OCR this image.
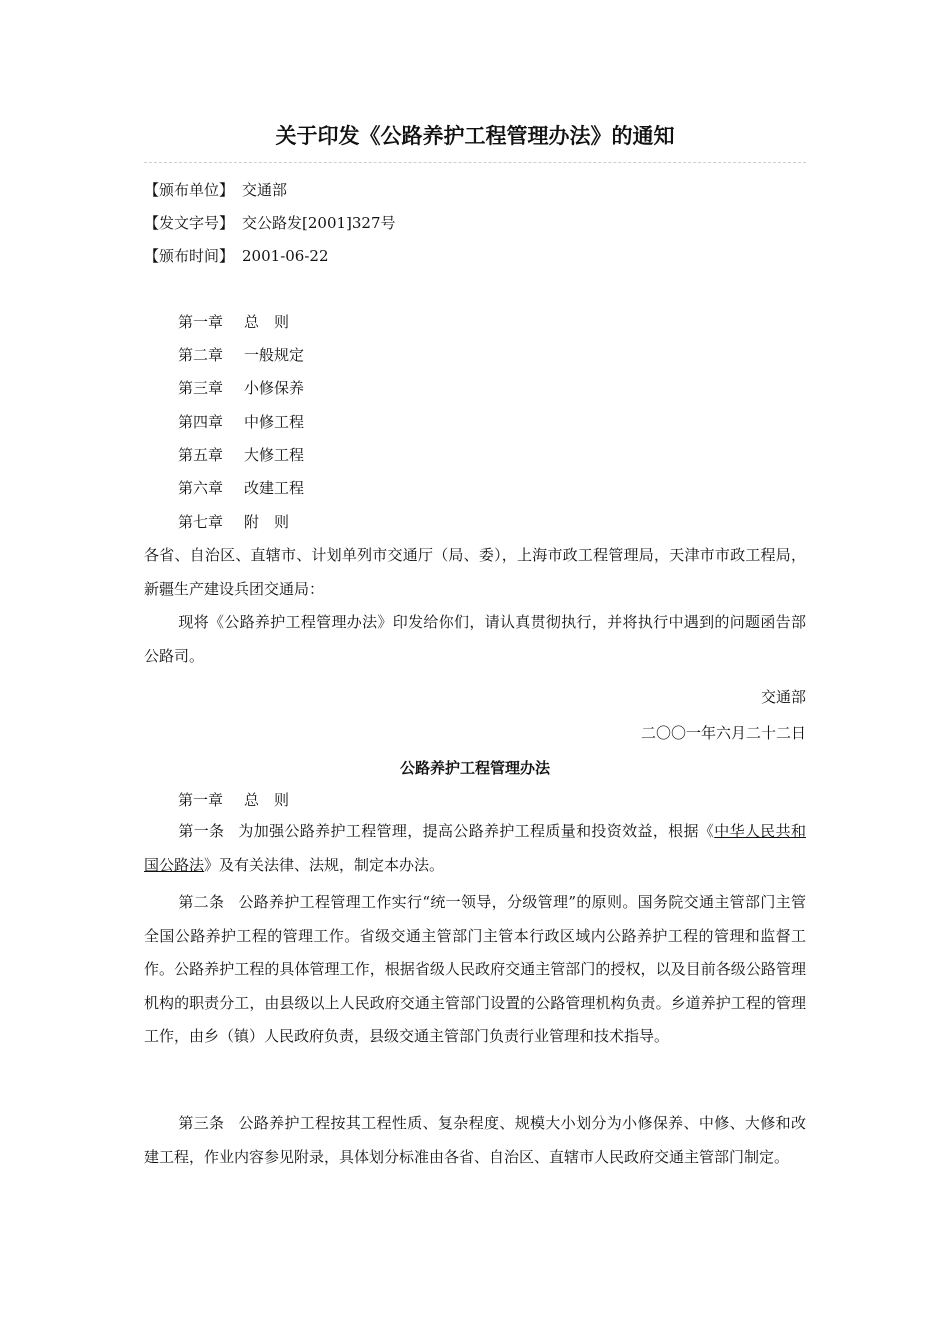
关于印发《公路养护工程管理办法》的通知
【颁布单位】 交通部
【发文字号】 交公路发[2001]327号
【颁布时间】 2001-06-22
第一章 总　则
第二章 一般规定
第三章 小修保养
第四章 中修工程
第五章 大修工程
第六章 改建工程
第七章 附　则
各省、自治区、直辖市、计划单列市交通厅（局、委），上海市政工程管理局，天津市市政工程局，新疆生产建设兵团交通局：
现将《公路养护工程管理办法》印发给你们，请认真贯彻执行，并将执行中遇到的问题函告部公路司。
交通部
二〇〇一年六月二十二日
公路养护工程管理办法
第一章 总　则
第一条 为加强公路养护工程管理，提高公路养护工程质量和投资效益，根据《中华人民共和国公路法》及有关法律、法规，制定本办法。
第二条 公路养护工程管理工作实行“统一领导，分级管理”的原则。国务院交通主管部门主管全国公路养护工程的管理工作。省级交通主管部门主管本行政区域内公路养护工程的管理和监督工作。公路养护工程的具体管理工作，根据省级人民政府交通主管部门的授权，以及目前各级公路管理机构的职责分工，由县级以上人民政府交通主管部门设置的公路管理机构负责。乡道养护工程的管理工作，由乡（镇）人民政府负责，县级交通主管部门负责行业管理和技术指导。
第三条 公路养护工程按其工程性质、复杂程度、规模大小划分为小修保养、中修、大修和改建工程，作业内容参见附录，具体划分标准由各省、自治区、直辖市人民政府交通主管部门制定。
